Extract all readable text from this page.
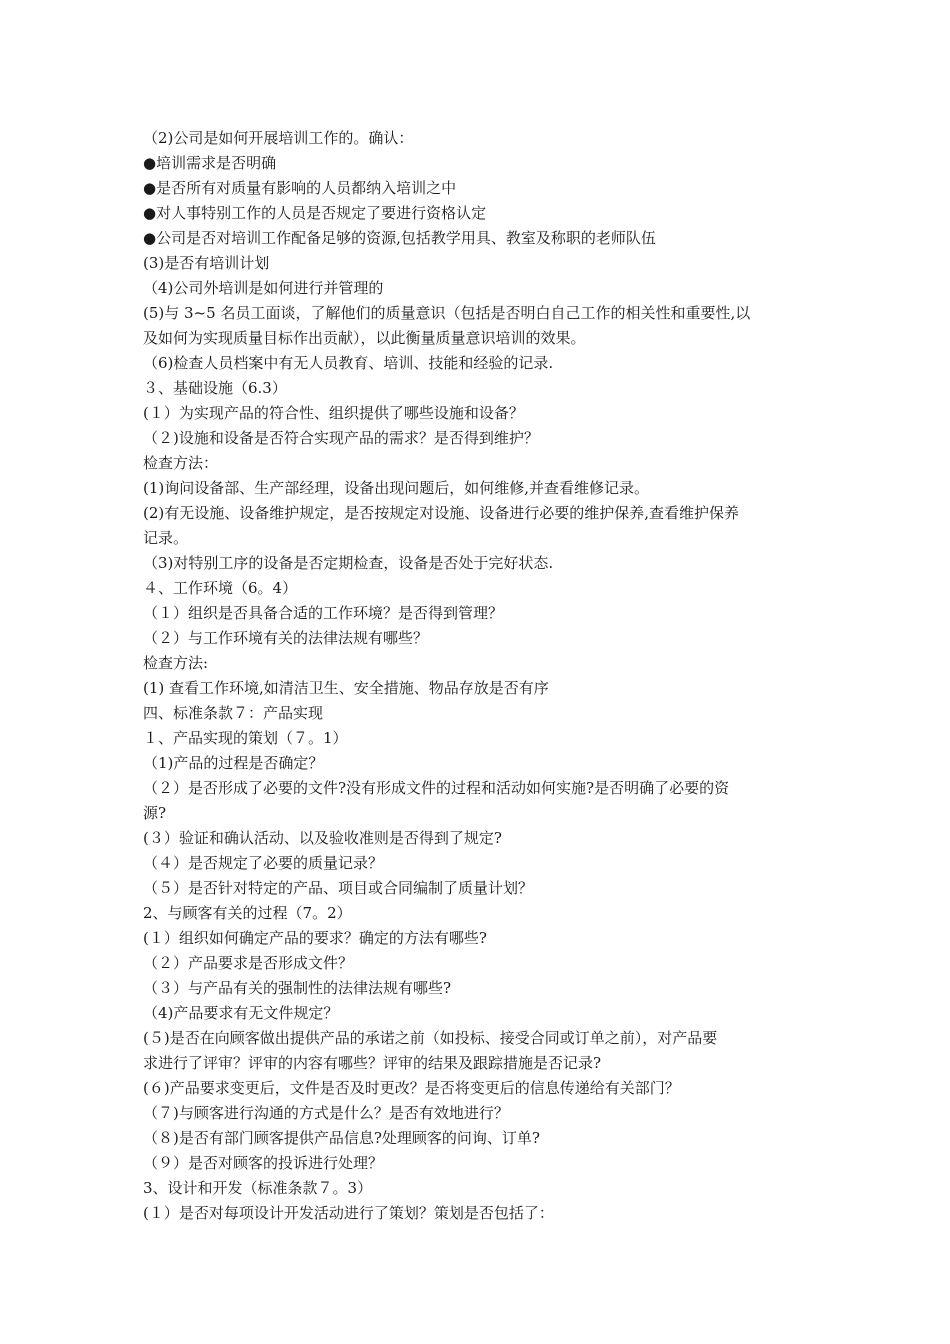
（2)公司是如何开展培训工作的。确认：
●培训需求是否明确
●是否所有对质量有影响的人员都纳入培训之中
●对人事特别工作的人员是否规定了要进行资格认定
●公司是否对培训工作配备足够的资源,包括教学用具、教室及称职的老师队伍
(3)是否有培训计划
（4)公司外培训是如何进行并管理的
(5)与 3~5 名员工面谈，了解他们的质量意识（包括是否明白自己工作的相关性和重要性,以
及如何为实现质量目标作出贡献），以此衡量质量意识培训的效果。
（6)检查人员档案中有无人员教育、培训、技能和经验的记录.
３、基础设施（6.3）
(１）为实现产品的符合性、组织提供了哪些设施和设备？
（２)设施和设备是否符合实现产品的需求？是否得到维护？
检查方法：
(1)询问设备部、生产部经理，设备出现问题后，如何维修,并查看维修记录。
(2)有无设施、设备维护规定，是否按规定对设施、设备进行必要的维护保养,查看维护保养
记录。
（3)对特别工序的设备是否定期检查，设备是否处于完好状态.
４、工作环境（6。4）
（１）组织是否具备合适的工作环境？是否得到管理？
（２）与工作环境有关的法律法规有哪些？
检查方法:
(1) 查看工作环境,如清洁卫生、安全措施、物品存放是否有序
四、标准条款７：产品实现
１、产品实现的策划（７。1）
（1)产品的过程是否确定？
（２）是否形成了必要的文件?没有形成文件的过程和活动如何实施?是否明确了必要的资
源?
(３）验证和确认活动、以及验收准则是否得到了规定?
（４）是否规定了必要的质量记录？
（５）是否针对特定的产品、项目或合同编制了质量计划？
2、与顾客有关的过程（7。2）
(１）组织如何确定产品的要求？确定的方法有哪些?
（２）产品要求是否形成文件？
（３）与产品有关的强制性的法律法规有哪些?
（4)产品要求有无文件规定？
(５)是否在向顾客做出提供产品的承诺之前（如投标、接受合同或订单之前），对产品要
求进行了评审？评审的内容有哪些？评审的结果及跟踪措施是否记录?
(６)产品要求变更后，文件是否及时更改？是否将变更后的信息传递给有关部门？
（７)与顾客进行沟通的方式是什么？是否有效地进行？
（８)是否有部门顾客提供产品信息?处理顾客的问询、订单?
（９）是否对顾客的投诉进行处理？
3、设计和开发（标准条款７。3）
(１）是否对每项设计开发活动进行了策划？策划是否包括了：
